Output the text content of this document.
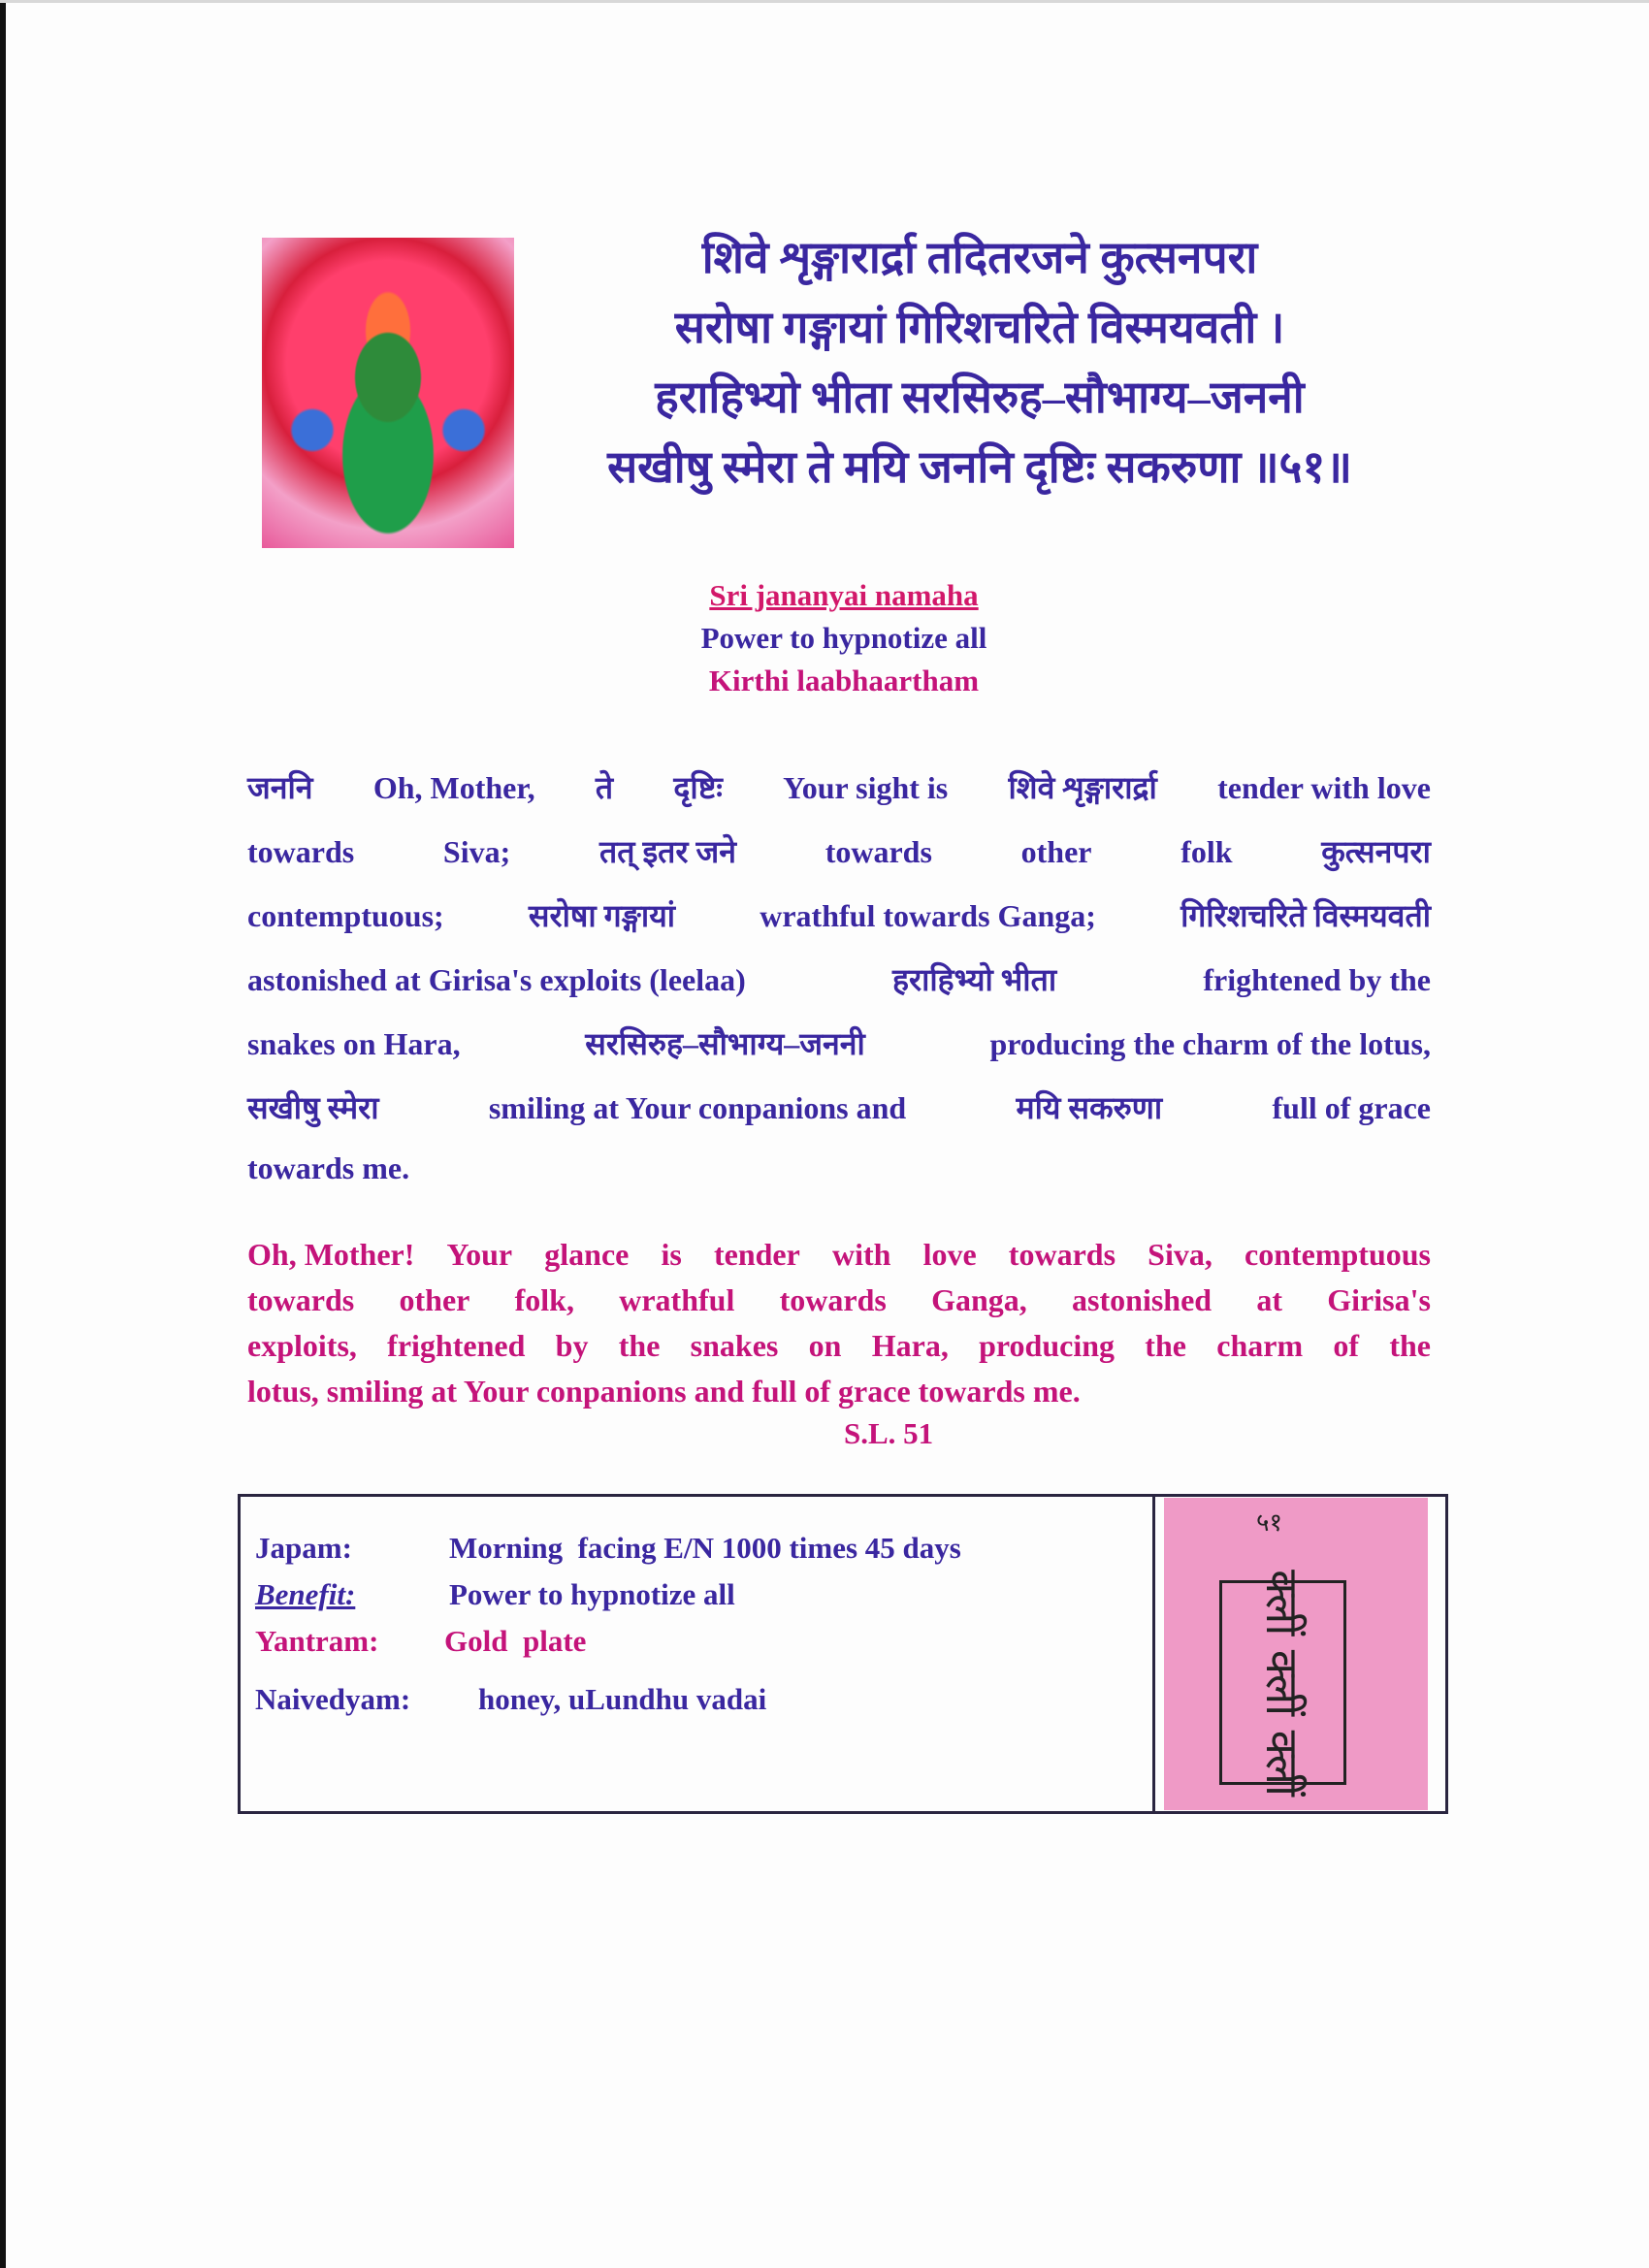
शिवे शृङ्गारार्द्रा तदितरजने कुत्सनपरा
सरोषा गङ्गायां गिरिशचरिते विस्मयवती ।
हराहिभ्यो भीता सरसिरुह–सौभाग्य–जननी
सखीषु स्मेरा ते मयि जननि दृष्टिः सकरुणा ॥५१॥
Sri jananyai namaha
Power to hypnotize all
Kirthi laabhaartham
जननि Oh, Mother, ते दृष्टिः Your sight is शिवे शृङ्गारार्द्रा tender with love
towards	Siva;	तत् इतर जने	towards	other	folk	कुत्सनपरा
contemptuous;	सरोषा गङ्गायां	wrathful towards Ganga;	गिरिशचरिते विस्मयवती
astonished at Girisa's exploits (leelaa)	हराहिभ्यो भीता	frightened by the
snakes on Hara,	सरसिरुह–सौभाग्य–जननी	producing the charm of the lotus,
सखीषु स्मेरा	smiling at Your conpanions and	मयि सकरुणा	full of grace
towards me.
Oh, Mother! Your glance is tender with love towards Siva, contemptuous
towards other folk, wrathful towards Ganga, astonished at Girisa's
exploits, frightened by the snakes on Hara, producing the charm of the
lotus, smiling at Your conpanions and full of grace towards me.
S.L. 51
Japam:	Morning  facing E/N 1000 times 45 days
Benefit:	Power to hypnotize all
Yantram:	Gold  plate
Naivedyam:	honey, uLundhu vadai
५१
क्लीं क्लीं क्लीं
